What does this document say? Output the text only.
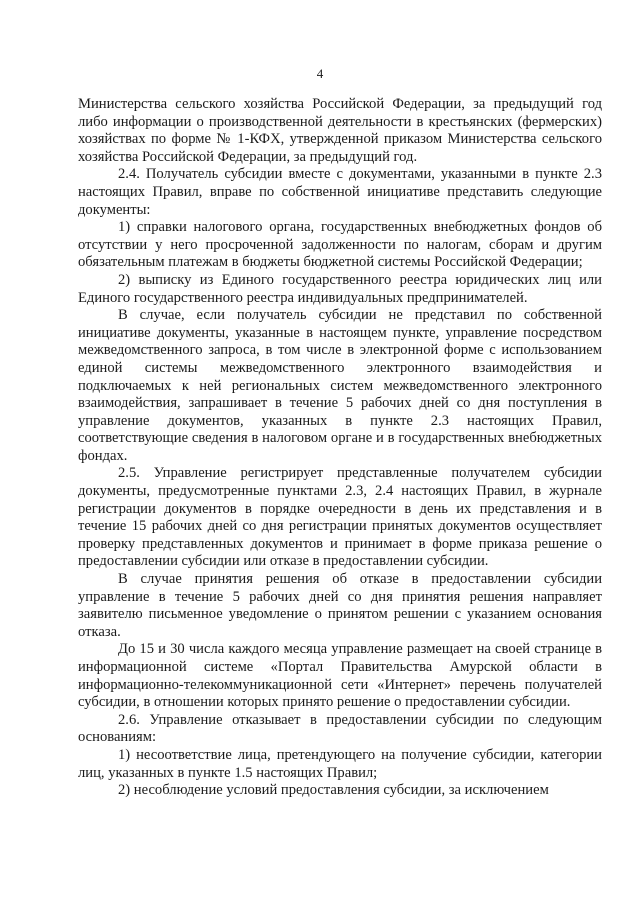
4

Министерства сельского хозяйства Российской Федерации, за предыдущий год либо информации о производственной деятельности в крестьянских (фермерских) хозяйствах по форме № 1-КФХ, утвержденной приказом Министерства сельского хозяйства Российской Федерации, за предыдущий год.

2.4. Получатель субсидии вместе с документами, указанными в пункте 2.3 настоящих Правил, вправе по собственной инициативе представить следующие документы:

1) справки налогового органа, государственных внебюджетных фондов об отсутствии у него просроченной задолженности по налогам, сборам и другим обязательным платежам в бюджеты бюджетной системы Российской Федерации;

2) выписку из Единого государственного реестра юридических лиц или Единого государственного реестра индивидуальных предпринимателей.

В случае, если получатель субсидии не представил по собственной инициативе документы, указанные в настоящем пункте, управление посредством межведомственного запроса, в том числе в электронной форме с использованием единой системы межведомственного электронного взаимодействия и подключаемых к ней региональных систем межведомственного электронного взаимодействия, запрашивает в течение 5 рабочих дней со дня поступления в управление документов, указанных в пункте 2.3 настоящих Правил, соответствующие сведения в налоговом органе и в государственных внебюджетных фондах.

2.5. Управление регистрирует представленные получателем субсидии документы, предусмотренные пунктами 2.3, 2.4 настоящих Правил, в журнале регистрации документов в порядке очередности в день их представления и в течение 15 рабочих дней со дня регистрации принятых документов осуществляет проверку представленных документов и принимает в форме приказа решение о предоставлении субсидии или отказе в предоставлении субсидии.

В случае принятия решения об отказе в предоставлении субсидии управление в течение 5 рабочих дней со дня принятия решения направляет заявителю письменное уведомление о принятом решении с указанием основания отказа.

До 15 и 30 числа каждого месяца управление размещает на своей странице в информационной системе «Портал Правительства Амурской области в информационно-телекоммуникационной сети «Интернет» перечень получателей субсидии, в отношении которых принято решение о предоставлении субсидии.

2.6. Управление отказывает в предоставлении субсидии по следующим основаниям:

1) несоответствие лица, претендующего на получение субсидии, категории лиц, указанных в пункте 1.5 настоящих Правил;

2) несоблюдение условий предоставления субсидии, за исключением
